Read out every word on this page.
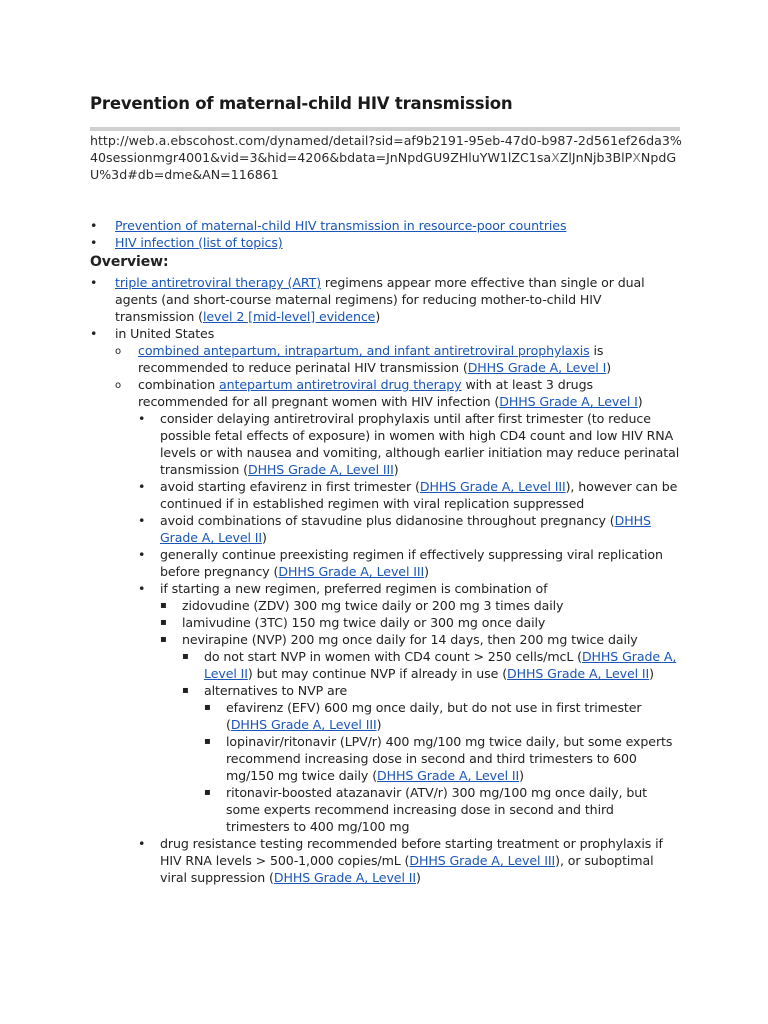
Prevention of maternal-child HIV transmission

http://web.a.ebscohost.com/dynamed/detail?sid=af9b2191-95eb-47d0-b987-2d561ef26da3%40sessionmgr4001&vid=3&hid=4206&bdata=JnNpdGU9ZHluYW1lZC1saXZlJnNjb3BlPXNpdGU%3d#db=dme&AN=116861

• Prevention of maternal-child HIV transmission in resource-poor countries
• HIV infection (list of topics)
Overview:
• triple antiretroviral therapy (ART) regimens appear more effective than single or dual agents (and short-course maternal regimens) for reducing mother-to-child HIV transmission (level 2 [mid-level] evidence)
• in United States
o combined antepartum, intrapartum, and infant antiretroviral prophylaxis is recommended to reduce perinatal HIV transmission (DHHS Grade A, Level I)
o combination antepartum antiretroviral drug therapy with at least 3 drugs recommended for all pregnant women with HIV infection (DHHS Grade A, Level I)
• consider delaying antiretroviral prophylaxis until after first trimester (to reduce possible fetal effects of exposure) in women with high CD4 count and low HIV RNA levels or with nausea and vomiting, although earlier initiation may reduce perinatal transmission (DHHS Grade A, Level III)
• avoid starting efavirenz in first trimester (DHHS Grade A, Level III), however can be continued if in established regimen with viral replication suppressed
• avoid combinations of stavudine plus didanosine throughout pregnancy (DHHS Grade A, Level II)
• generally continue preexisting regimen if effectively suppressing viral replication before pregnancy (DHHS Grade A, Level III)
• if starting a new regimen, preferred regimen is combination of
▪ zidovudine (ZDV) 300 mg twice daily or 200 mg 3 times daily
▪ lamivudine (3TC) 150 mg twice daily or 300 mg once daily
▪ nevirapine (NVP) 200 mg once daily for 14 days, then 200 mg twice daily
▪ do not start NVP in women with CD4 count > 250 cells/mcL (DHHS Grade A, Level II) but may continue NVP if already in use (DHHS Grade A, Level II)
▪ alternatives to NVP are
▪ efavirenz (EFV) 600 mg once daily, but do not use in first trimester (DHHS Grade A, Level III)
▪ lopinavir/ritonavir (LPV/r) 400 mg/100 mg twice daily, but some experts recommend increasing dose in second and third trimesters to 600 mg/150 mg twice daily (DHHS Grade A, Level II)
▪ ritonavir-boosted atazanavir (ATV/r) 300 mg/100 mg once daily, but some experts recommend increasing dose in second and third trimesters to 400 mg/100 mg
• drug resistance testing recommended before starting treatment or prophylaxis if HIV RNA levels > 500-1,000 copies/mL (DHHS Grade A, Level III), or suboptimal viral suppression (DHHS Grade A, Level II)
